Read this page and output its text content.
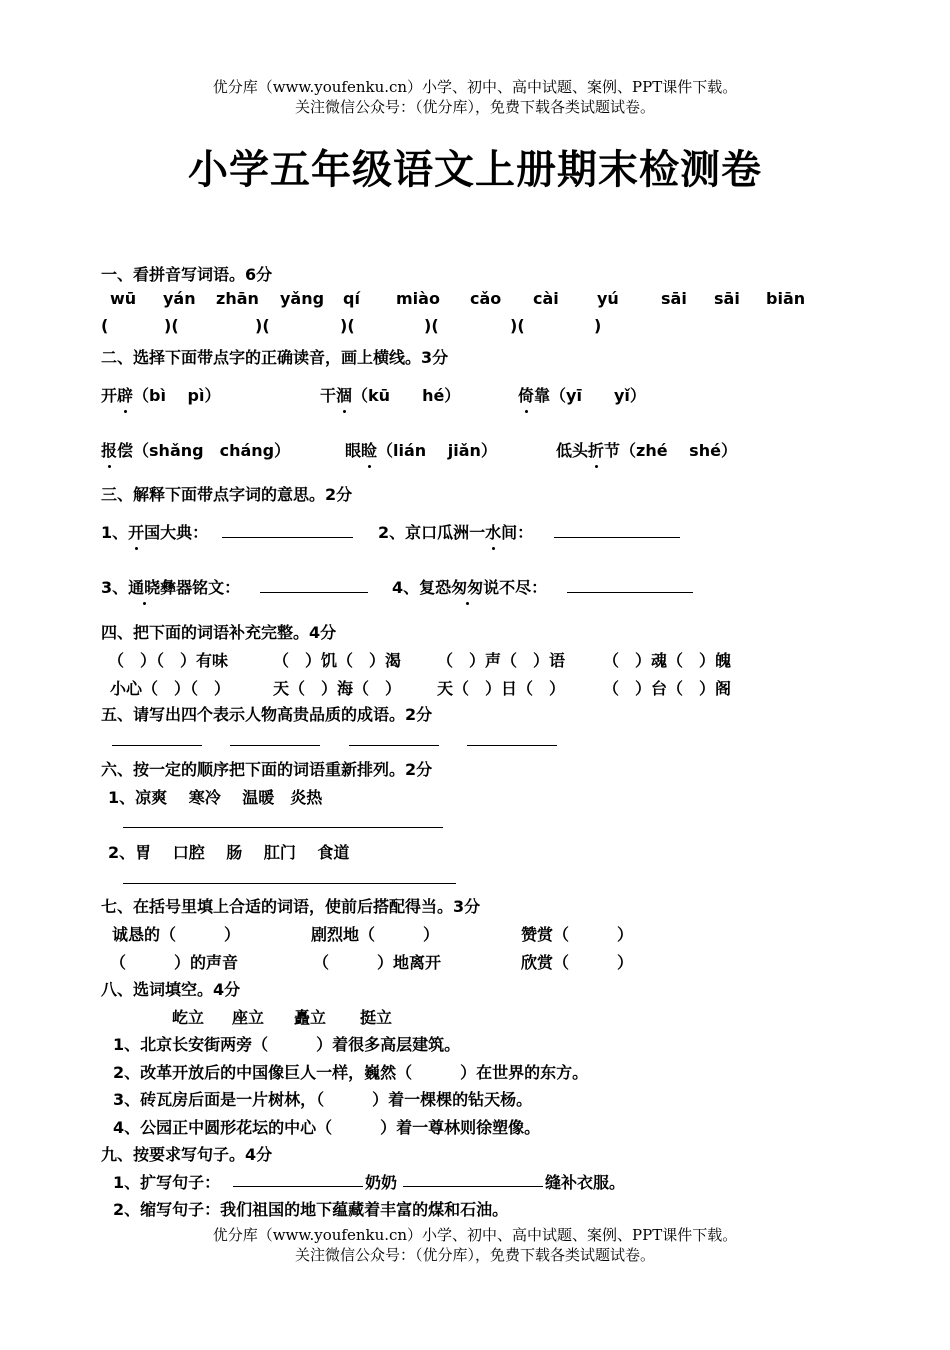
优分库（www.youfenku.cn）小学、初中、高中试题、案例、PPT课件下载。
关注微信公众号：（优分库），免费下载各类试题试卷。
小学五年级语文上册期末检测卷
一、看拼音写词语。6分
wū yán zhān yǎng qí miào cǎo cài yú	sāi sāi biān
(	)(	)(	)(	)(	)(	)
二、选择下面带点字的正确读音，画上横线。3分
开辟（bì　 pì）	干涸（kū　　hé）	倚靠（yī　　yǐ）
报偿（shǎng　cháng）	眼睑（lián　 jiǎn）	低头折节（zhé　 shé）
三、解释下面带点字词的意思。2分
1、开国大典：	2、京口瓜洲一水间：
3、通晓彝器铭文：	4、复恐匆匆说不尽：
四、把下面的词语补充完整。4分
（　）（　）有味	（　）饥（　）渴 （　）声（　）语 （　）魂（　）魄
小心（　）（　）	天（　）海（　） 天（　）日（　） （　）台（　）阁
五、请写出四个表示人物高贵品质的成语。2分
六、按一定的顺序把下面的词语重新排列。2分
1、凉爽　 寒冷　 温暖　炎热
2、胃　 口腔　 肠　 肛门　 食道
七、在括号里填上合适的词语，使前后搭配得当。3分
诚恳的（　　　）	剧烈地（　　　）	赞赏（　　　）
（　　　）的声音	（　　　）地离开	欣赏（　　　）
八、选词填空。4分
屹立 座立 矗立 挺立
1、北京长安街两旁（　　　）着很多高层建筑。
2、改革开放后的中国像巨人一样，巍然（　　　）在世界的东方。
3、砖瓦房后面是一片树林，（　　　）着一棵棵的钻天杨。
4、公园正中圆形花坛的中心（　　　）着一尊林则徐塑像。
九、按要求写句子。4分
1、扩写句子：	奶奶	缝补衣服。
2、缩写句子：我们祖国的地下蕴藏着丰富的煤和石油。
优分库（www.youfenku.cn）小学、初中、高中试题、案例、PPT课件下载。
关注微信公众号：（优分库），免费下载各类试题试卷。
